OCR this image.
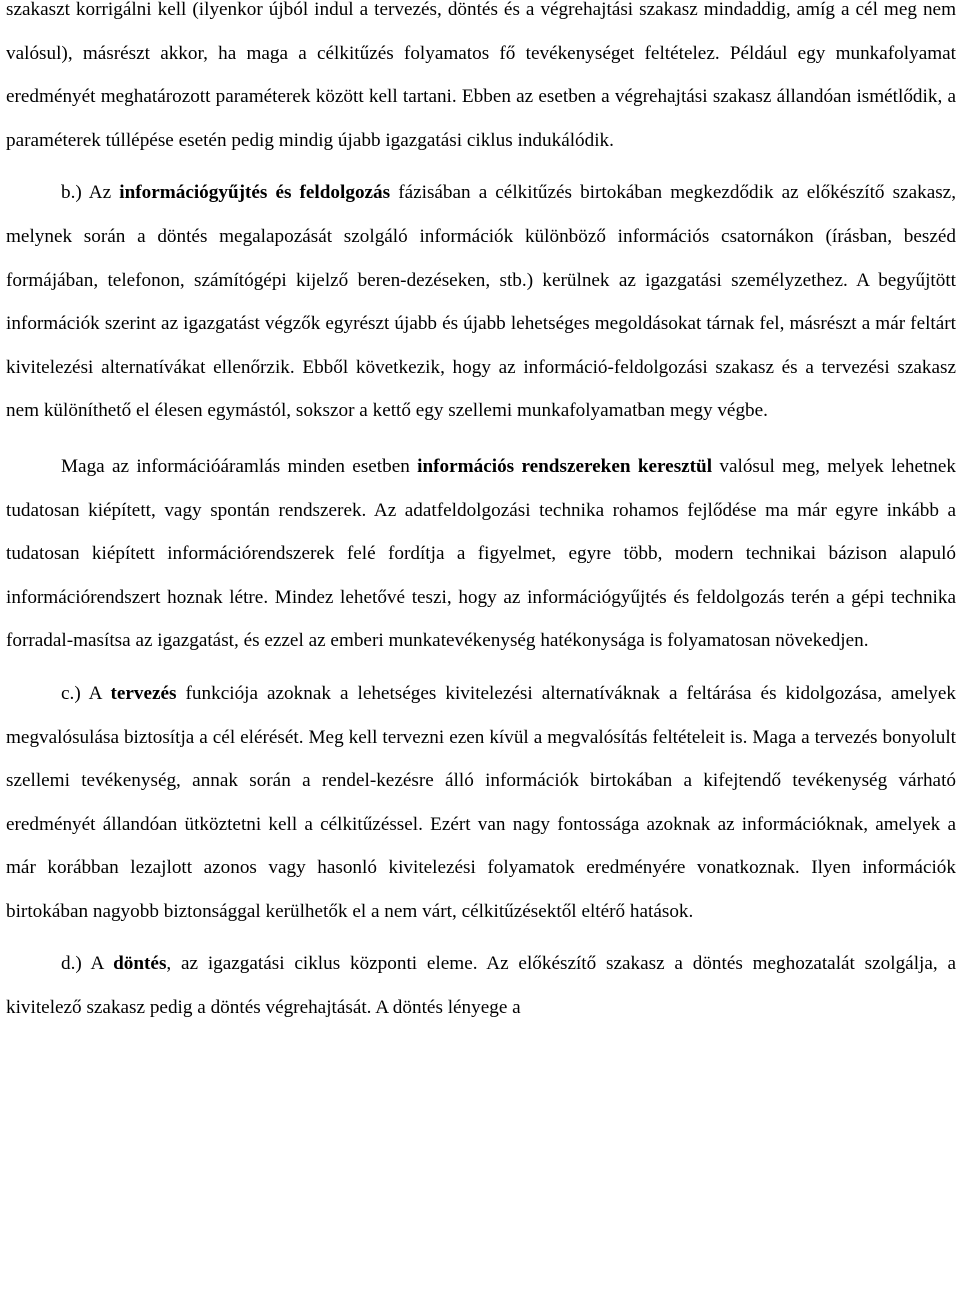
szakaszt korrigálni kell (ilyenkor újból indul a tervezés, döntés és a végrehajtási szakasz mindaddig, amíg a cél meg nem valósul), másrészt akkor, ha maga a célkitűzés folyamatos fő tevékenységet feltételez. Például egy munkafolyamat eredményét meghatározott paraméterek között kell tartani. Ebben az esetben a végrehajtási szakasz állandóan ismétlődik, a paraméterek túllépése esetén pedig mindig újabb igazgatási ciklus indukálódik.

b.) Az információgyűjtés és feldolgozás fázisában a célkitűzés birtokában megkezdődik az előkészítő szakasz, melynek során a döntés megalapozását szolgáló információk különböző információs csatornákon (írásban, beszéd formájában, telefonon, számítógépi kijelző beren-dezéseken, stb.) kerülnek az igazgatási személyzethez. A begyűjtött információk szerint az igazgatást végzők egyrészt újabb és újabb lehetséges megoldásokat tárnak fel, másrészt a már feltárt kivitelezési alternatívákat ellenőrzik. Ebből következik, hogy az információ-feldolgozási szakasz és a tervezési szakasz nem különíthető el élesen egymástól, sokszor a kettő egy szellemi munkafolyamatban megy végbe.

Maga az információáramlás minden esetben információs rendszereken keresztül valósul meg, melyek lehetnek tudatosan kiépített, vagy spontán rendszerek. Az adatfeldolgozási technika rohamos fejlődése ma már egyre inkább a tudatosan kiépített információrendszerek felé fordítja a figyelmet, egyre több, modern technikai bázison alapuló információrendszert hoznak létre. Mindez lehetővé teszi, hogy az információgyűjtés és feldolgozás terén a gépi technika forradal-masítsa az igazgatást, és ezzel az emberi munkatevékenység hatékonysága is folyamatosan növekedjen.

c.) A tervezés funkciója azoknak a lehetséges kivitelezési alternatíváknak a feltárása és kidolgozása, amelyek megvalósulása biztosítja a cél elérését. Meg kell tervezni ezen kívül a megvalósítás feltételeit is. Maga a tervezés bonyolult szellemi tevékenység, annak során a rendel-kezésre álló információk birtokában a kifejtendő tevékenység várható eredményét állandóan ütköztetni kell a célkitűzéssel. Ezért van nagy fontossága azoknak az információknak, amelyek a már korábban lezajlott azonos vagy hasonló kivitelezési folyamatok eredményére vonatkoznak. Ilyen információk birtokában nagyobb biztonsággal kerülhetők el a nem várt, célkitűzésektől eltérő hatások.

d.) A döntés, az igazgatási ciklus központi eleme. Az előkészítő szakasz a döntés meghozatalát szolgálja, a kivitelező szakasz pedig a döntés végrehajtását. A döntés lényege a
